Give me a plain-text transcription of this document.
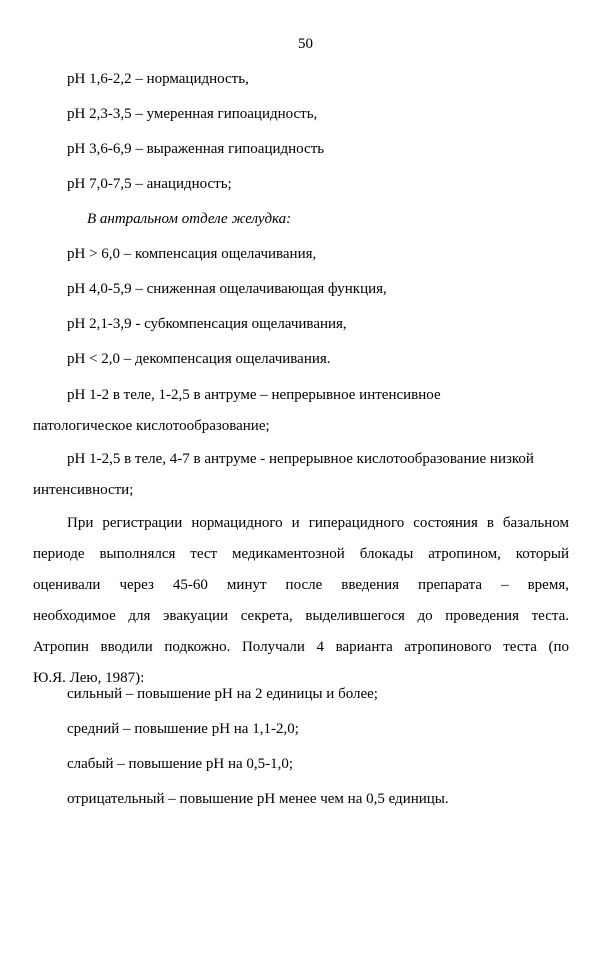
50
pH 1,6-2,2 – нормацидность,
pH 2,3-3,5 – умеренная гипоацидность,
pH 3,6-6,9 – выраженная гипоацидность
pH 7,0-7,5 – анацидность;
В антральном отделе желудка:
pH > 6,0 – компенсация ощелачивания,
pH 4,0-5,9 – сниженная ощелачивающая функция,
pH 2,1-3,9 - субкомпенсация ощелачивания,
pH < 2,0 – декомпенсация ощелачивания.
pH 1-2 в теле, 1-2,5 в антруме – непрерывное интенсивное
патологическое кислотообразование;
pH 1-2,5 в теле, 4-7 в антруме - непрерывное кислотообразование низкой
интенсивности;
При регистрации нормацидного и гиперацидного состояния в базальном
периоде выполнялся тест медикаментозной блокады атропином, который
оценивали через 45-60 минут после введения препарата – время,
необходимое для эвакуации секрета, выделившегося до проведения теста.
Атропин вводили подкожно. Получали 4 варианта атропинового теста (по
Ю.Я. Лею, 1987):
сильный – повышение pH на 2 единицы и более;
средний – повышение pH на 1,1-2,0;
слабый – повышение pH на 0,5-1,0;
отрицательный – повышение pH менее чем на 0,5 единицы.
